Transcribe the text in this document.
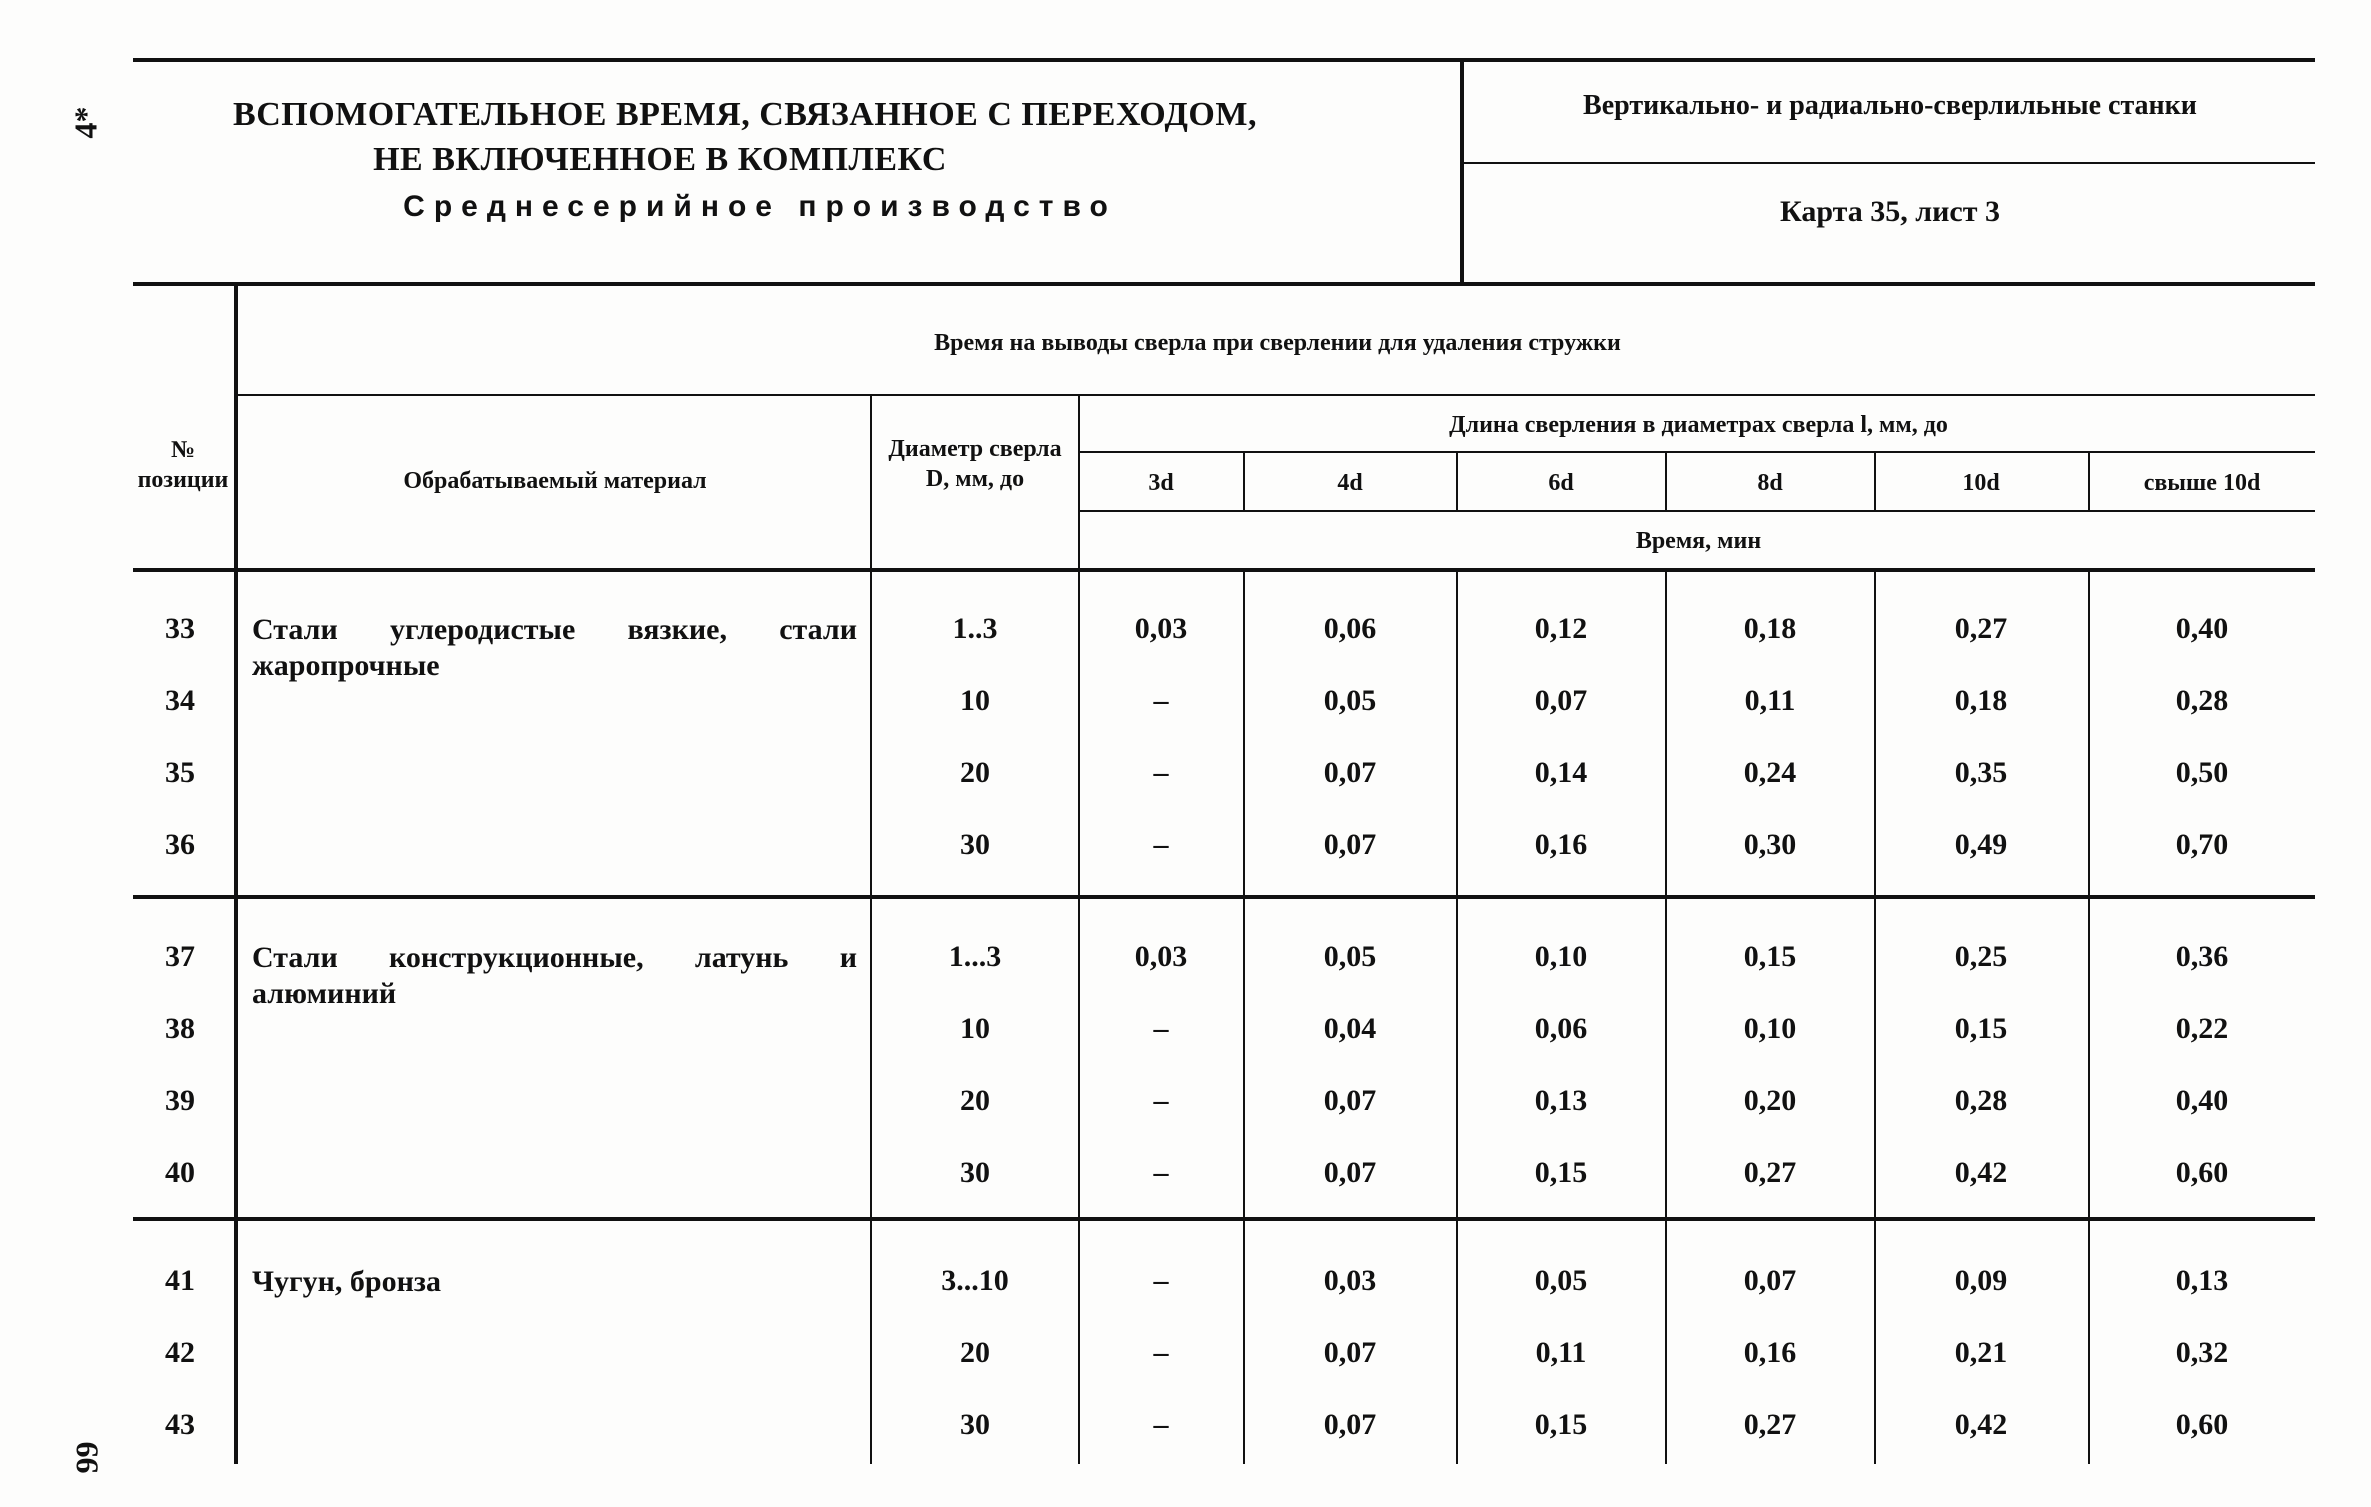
4*
99
ВСПОМОГАТЕЛЬНОЕ ВРЕМЯ, СВЯЗАННОЕ С ПЕРЕХОДОМ,
НЕ ВКЛЮЧЕННОЕ В КОМПЛЕКС
Среднесерийное производство
Вертикально- и радиально-сверлильные станки
Карта 35, лист 3
Время на выводы сверла при сверлении для удаления стружки
№ позиции	Обрабатываемый материал
Диаметр сверла D, мм, до
Длина сверления в диаметрах сверла l, мм, до
Время, мин
3d	4d	6d	8d	10d	свыше 10d
Стали углеродистые вязкие, стали жаропрочные
33	1..3	0,03	0,06	0,12	0,18	0,27	0,40
34	10	–	0,05	0,07	0,11	0,18	0,28
35	20	–	0,07	0,14	0,24	0,35	0,50
36	30	–	0,07	0,16	0,30	0,49	0,70
Стали конструкционные, латунь и алюминий
37	1...3	0,03	0,05	0,10	0,15	0,25	0,36
38	10	–	0,04	0,06	0,10	0,15	0,22
39	20	–	0,07	0,13	0,20	0,28	0,40
40	30	–	0,07	0,15	0,27	0,42	0,60
Чугун, бронза
41	3...10	–	0,03	0,05	0,07	0,09	0,13
42	20	–	0,07	0,11	0,16	0,21	0,32
43	30	–	0,07	0,15	0,27	0,42	0,60
